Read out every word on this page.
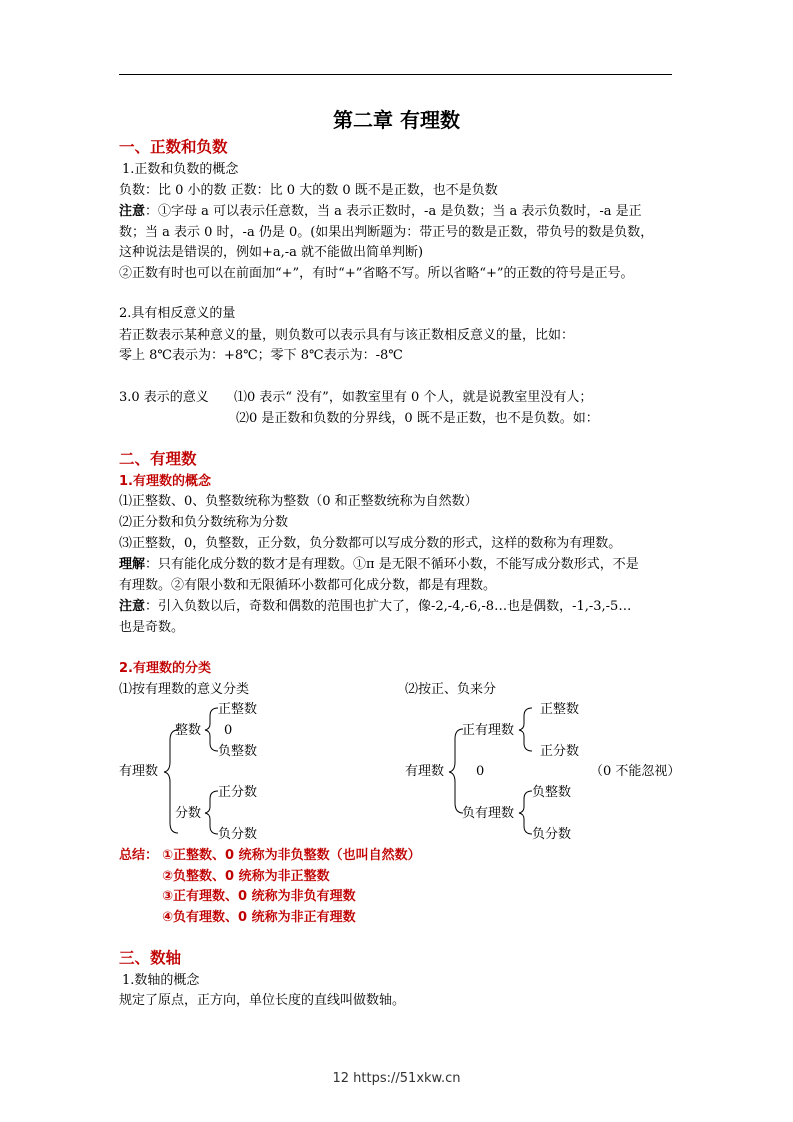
第二章 有理数
一、正数和负数
1.正数和负数的概念
负数：比 0 小的数 正数：比 0 大的数 0 既不是正数，也不是负数
注意：①字母 a 可以表示任意数，当 a 表示正数时，-a 是负数；当 a 表示负数时，-a 是正
数；当 a 表示 0 时，-a 仍是 0。(如果出判断题为：带正号的数是正数，带负号的数是负数，
这种说法是错误的，例如+a,-a 就不能做出简单判断)
②正数有时也可以在前面加“+”，有时“+”省略不写。所以省略“+”的正数的符号是正号。
2.具有相反意义的量
若正数表示某种意义的量，则负数可以表示具有与该正数相反意义的量，比如：
零上 8℃表示为：+8℃；零下 8℃表示为：-8℃
3.0 表示的意义 ⑴0 表示“ 没有”，如教室里有 0 个人，就是说教室里没有人；
⑵0 是正数和负数的分界线，0 既不是正数，也不是负数。如：
二、有理数
1.有理数的概念
⑴正整数、0、负整数统称为整数（0 和正整数统称为自然数）
⑵正分数和负分数统称为分数
⑶正整数，0，负整数，正分数，负分数都可以写成分数的形式，这样的数称为有理数。
理解：只有能化成分数的数才是有理数。①π 是无限不循环小数，不能写成分数形式，不是
有理数。②有限小数和无限循环小数都可化成分数，都是有理数。
注意：引入负数以后，奇数和偶数的范围也扩大了，像-2,-4,-6,-8…也是偶数，-1,-3,-5…
也是奇数。
2.有理数的分类
⑴按有理数的意义分类	⑵按正、负来分
有理数
整数
正整数
0
负整数
分数
正分数
负分数
有理数
正有理数
正整数
正分数
0	（0 不能忽视）
负有理数
负整数
负分数
总结： ①正整数、0 统称为非负整数（也叫自然数）
②负整数、0 统称为非正整数
③正有理数、0 统称为非负有理数
④负有理数、0 统称为非正有理数
三、数轴
1.数轴的概念
规定了原点，正方向，单位长度的直线叫做数轴。
12 https://51xkw.cn
